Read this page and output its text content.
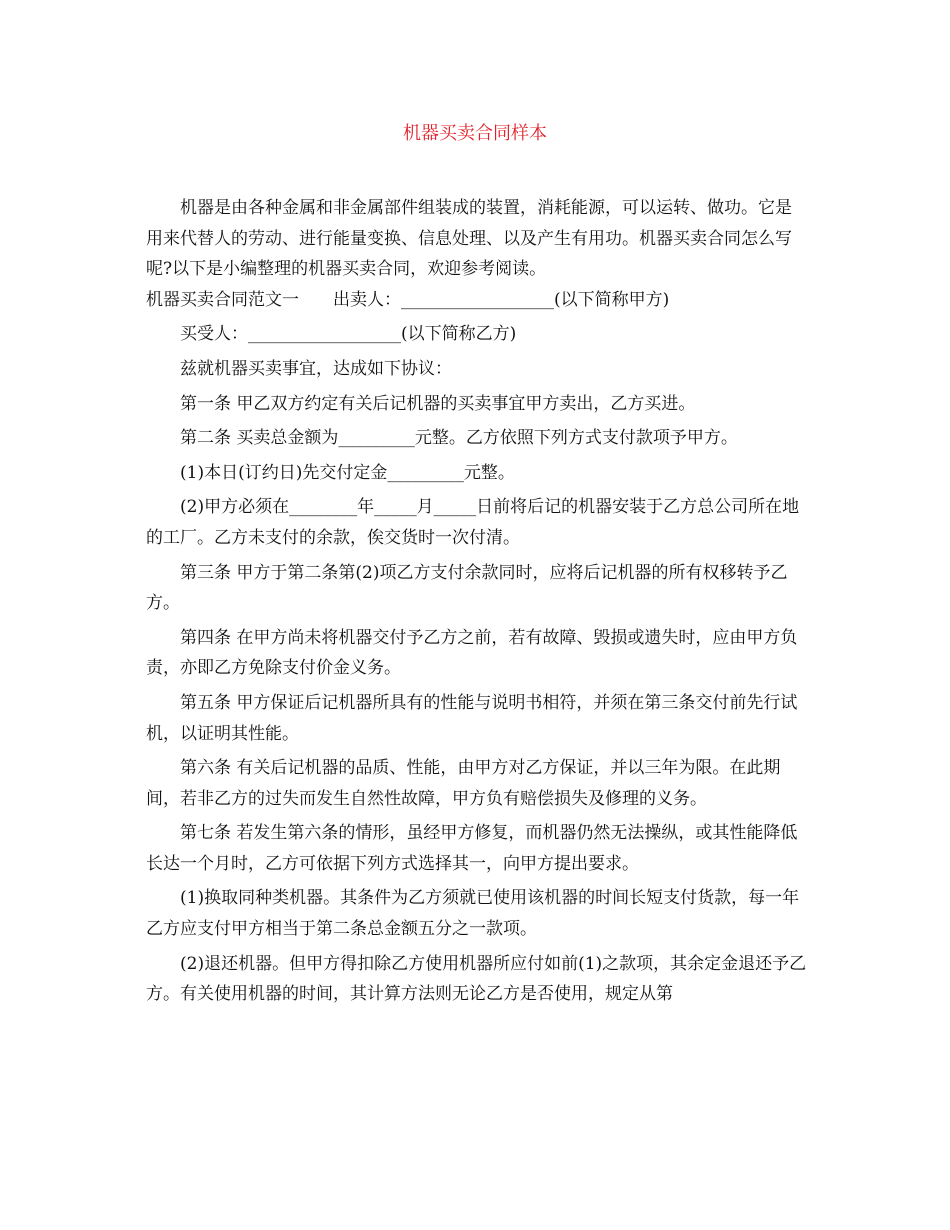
机器买卖合同样本

机器是由各种金属和非金属部件组装成的装置，消耗能源，可以运转、做功。它是用来代替人的劳动、进行能量变换、信息处理、以及产生有用功。机器买卖合同怎么写呢?以下是小编整理的机器买卖合同，欢迎参考阅读。

机器买卖合同范文一　　出卖人：__________________(以下简称甲方)

买受人：__________________(以下简称乙方)

兹就机器买卖事宜，达成如下协议：

第一条 甲乙双方约定有关后记机器的买卖事宜甲方卖出，乙方买进。

第二条 买卖总金额为_________元整。乙方依照下列方式支付款项予甲方。

(1)本日(订约日)先交付定金_________元整。

(2)甲方必须在________年_____月_____日前将后记的机器安装于乙方总公司所在地的工厂。乙方未支付的余款，俟交货时一次付清。

第三条 甲方于第二条第(2)项乙方支付余款同时，应将后记机器的所有权移转予乙方。

第四条 在甲方尚未将机器交付予乙方之前，若有故障、毁损或遗失时，应由甲方负责，亦即乙方免除支付价金义务。

第五条 甲方保证后记机器所具有的性能与说明书相符，并须在第三条交付前先行试机，以证明其性能。

第六条 有关后记机器的品质、性能，由甲方对乙方保证，并以三年为限。在此期间，若非乙方的过失而发生自然性故障，甲方负有赔偿损失及修理的义务。

第七条 若发生第六条的情形，虽经甲方修复，而机器仍然无法操纵，或其性能降低长达一个月时，乙方可依据下列方式选择其一，向甲方提出要求。

(1)换取同种类机器。其条件为乙方须就已使用该机器的时间长短支付货款，每一年乙方应支付甲方相当于第二条总金额五分之一款项。

(2)退还机器。但甲方得扣除乙方使用机器所应付如前(1)之款项，其余定金退还予乙方。有关使用机器的时间，其计算方法则无论乙方是否使用，规定从第
